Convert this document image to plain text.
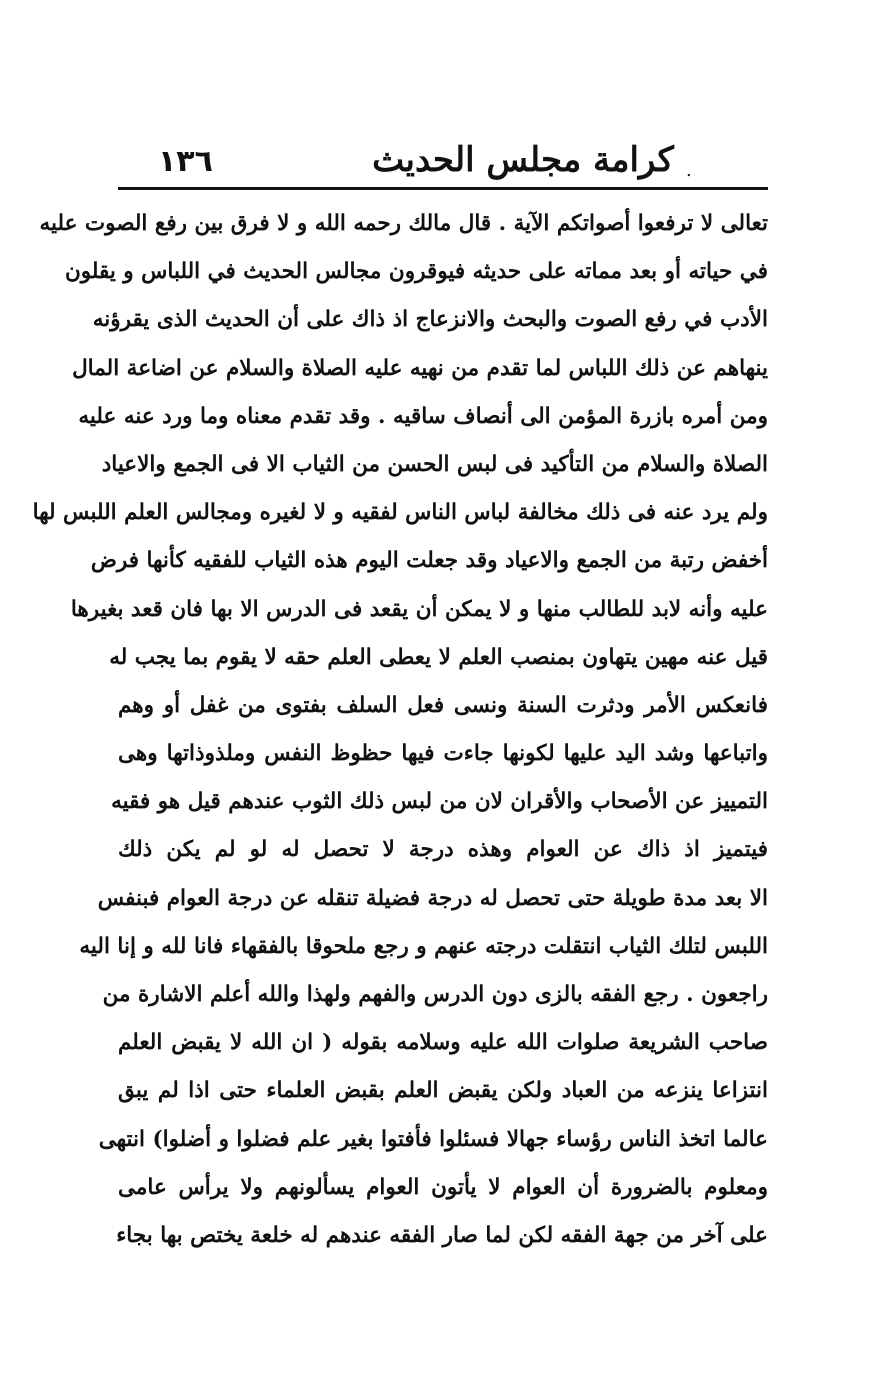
١٣٦	.
كرامة مجلس الحديث
تعالى لا ترفعوا أصواتكم الآية . قال مالك رحمه الله و لا فرق بين رفع الصوت عليه
في حياته أو بعد مماته على حديثه فيوقرون مجالس الحديث في اللباس و يقلون
الأدب في رفع الصوت والبحث والانزعاج اذ ذاك على أن الحديث الذى يقرؤنه
ينهاهم عن ذلك اللباس لما تقدم من نهيه عليه الصلاة والسلام عن اضاعة المال
ومن أمره بازرة المؤمن الى أنصاف ساقيه . وقد تقدم معناه وما ورد عنه عليه
الصلاة والسلام من التأكيد فى لبس الحسن من الثياب الا فى الجمع والاعياد
ولم يرد عنه فى ذلك مخالفة لباس الناس لفقيه و لا لغيره ومجالس العلم اللبس لها
أخفض رتبة من الجمع والاعياد وقد جعلت اليوم هذه الثياب للفقيه كأنها فرض
عليه وأنه لابد للطالب منها و لا يمكن أن يقعد فى الدرس الا بها فان قعد بغيرها
قيل عنه مهين يتهاون بمنصب العلم لا يعطى العلم حقه لا يقوم بما يجب له
فانعكس الأمر ودثرت السنة ونسى فعل السلف بفتوى من غفل أو وهم
واتباعها وشد اليد عليها لكونها جاءت فيها حظوظ النفس وملذوذاتها وهى
التمييز عن الأصحاب والأقران لان من لبس ذلك الثوب عندهم قيل هو فقيه
فيتميز اذ ذاك عن العوام وهذه درجة لا تحصل له لو لم يكن ذلك
الا بعد مدة طويلة حتى تحصل له درجة فضيلة تنقله عن درجة العوام فبنفس
اللبس لتلك الثياب انتقلت درجته عنهم و رجع ملحوقا بالفقهاء فانا لله و إنا اليه
راجعون . رجع الفقه بالزى دون الدرس والفهم ولهذا والله أعلم الاشارة من
صاحب الشريعة صلوات الله عليه وسلامه بقوله ( ان الله لا يقبض العلم
انتزاعا ينزعه من العباد ولكن يقبض العلم بقبض العلماء حتى اذا لم يبق
عالما اتخذ الناس رؤساء جهالا فسئلوا فأفتوا بغير علم فضلوا و أضلوا) انتهى
ومعلوم بالضرورة أن العوام لا يأتون العوام يسألونهم ولا يرأس عامى
على آخر من جهة الفقه لكن لما صار الفقه عندهم له خلعة يختص بها بجاء
